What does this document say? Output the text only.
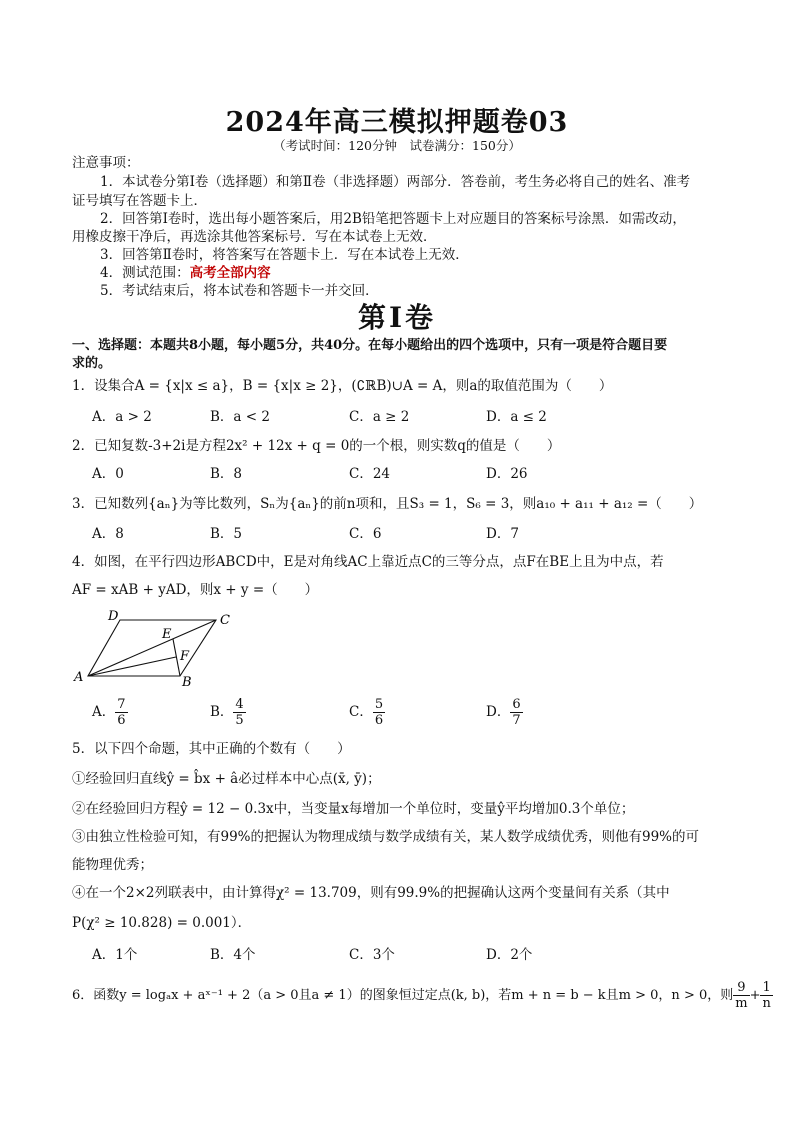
2024年高三模拟押题卷03
（考试时间：120分钟　试卷满分：150分）
注意事项：
1．本试卷分第Ⅰ卷（选择题）和第Ⅱ卷（非选择题）两部分．答卷前，考生务必将自己的姓名、准考
证号填写在答题卡上．
2．回答第Ⅰ卷时，选出每小题答案后，用2B铅笔把答题卡上对应题目的答案标号涂黑．如需改动，
用橡皮擦干净后，再选涂其他答案标号．写在本试卷上无效．
3．回答第Ⅱ卷时，将答案写在答题卡上．写在本试卷上无效．
4．测试范围：高考全部内容
5．考试结束后，将本试卷和答题卡一并交回．
第Ⅰ卷
一、选择题：本题共8小题，每小题5分，共40分。在每小题给出的四个选项中，只有一项是符合题目要
求的。
1．设集合A = {x|x ≤ a}，B = {x|x ≥ 2}，(∁ℝB)∪A = A，则a的取值范围为（　　）
A．a > 2	B．a < 2	C．a ≥ 2	D．a ≤ 2
2．已知复数-3+2i是方程2x² + 12x + q = 0的一个根，则实数q的值是（　　）
A．0	B．8	C．24	D．26
3．已知数列{aₙ}为等比数列，Sₙ为{aₙ}的前n项和，且S₃ = 1，S₆ = 3，则a₁₀ + a₁₁ + a₁₂ =（　　）
A．8	B．5	C．6	D．7
4．如图，在平行四边形ABCD中，E是对角线AC上靠近点C的三等分点，点F在BE上且为中点，若
AF = xAB + yAD，则x + y =（　　）
A	B
C
D
E
F
A． $\frac{7}{6}$	B． $\frac{4}{5}$	C． $\frac{5}{6}$	D． $\frac{6}{7}$
5．以下四个命题，其中正确的个数有（　　）
①经验回归直线ŷ = b̂x + â必过样本中心点(x̄, ȳ)；
②在经验回归方程ŷ = 12 − 0.3x中，当变量x每增加一个单位时，变量ŷ平均增加0.3个单位；
③由独立性检验可知，有99%的把握认为物理成绩与数学成绩有关，某人数学成绩优秀，则他有99%的可
能物理优秀；
④在一个2×2列联表中，由计算得χ² = 13.709，则有99.9%的把握确认这两个变量间有关系（其中
P(χ² ≥ 10.828) = 0.001）．
A．1个	B．4个	C．3个	D．2个
6．函数y = logₐx + aˣ⁻¹ + 2（a > 0且a ≠ 1）的图象恒过定点(k, b)，若m + n = b − k且m > 0，n > 0，则 $\frac{9}{m} + \frac{1}{n}$
